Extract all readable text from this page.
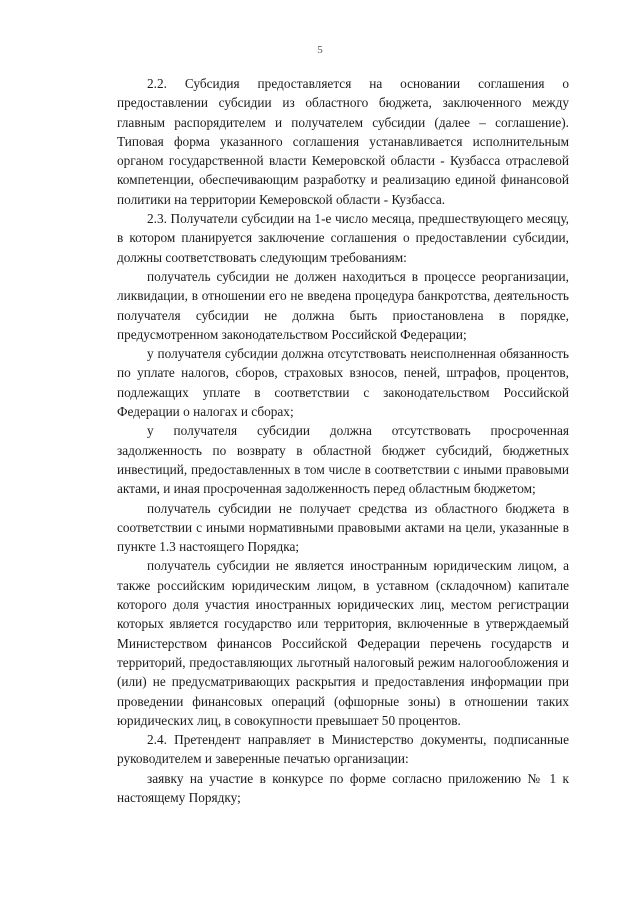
5

2.2. Субсидия предоставляется на основании соглашения о предоставлении субсидии из областного бюджета, заключенного между главным распорядителем и получателем субсидии (далее – соглашение). Типовая форма указанного соглашения устанавливается исполнительным органом государственной власти Кемеровской области - Кузбасса отраслевой компетенции, обеспечивающим разработку и реализацию единой финансовой политики на территории Кемеровской области - Кузбасса.

2.3. Получатели субсидии на 1-е число месяца, предшествующего месяцу, в котором планируется заключение соглашения о предоставлении субсидии, должны соответствовать следующим требованиям:

получатель субсидии не должен находиться в процессе реорганизации, ликвидации, в отношении его не введена процедура банкротства, деятельность получателя субсидии не должна быть приостановлена в порядке, предусмотренном законодательством Российской Федерации;

у получателя субсидии должна отсутствовать неисполненная обязанность по уплате налогов, сборов, страховых взносов, пеней, штрафов, процентов, подлежащих уплате в соответствии с законодательством Российской Федерации о налогах и сборах;

у получателя субсидии должна отсутствовать просроченная задолженность по возврату в областной бюджет субсидий, бюджетных инвестиций, предоставленных в том числе в соответствии с иными правовыми актами, и иная просроченная задолженность перед областным бюджетом;

получатель субсидии не получает средства из областного бюджета в соответствии с иными нормативными правовыми актами на цели, указанные в пункте 1.3 настоящего Порядка;

получатель субсидии не является иностранным юридическим лицом, а также российским юридическим лицом, в уставном (складочном) капитале которого доля участия иностранных юридических лиц, местом регистрации которых является государство или территория, включенные в утверждаемый Министерством финансов Российской Федерации перечень государств и территорий, предоставляющих льготный налоговый режим налогообложения и (или) не предусматривающих раскрытия и предоставления информации при проведении финансовых операций (офшорные зоны) в отношении таких юридических лиц, в совокупности превышает 50 процентов.

2.4. Претендент направляет в Министерство документы, подписанные руководителем и заверенные печатью организации:

заявку на участие в конкурсе по форме согласно приложению № 1 к настоящему Порядку;
